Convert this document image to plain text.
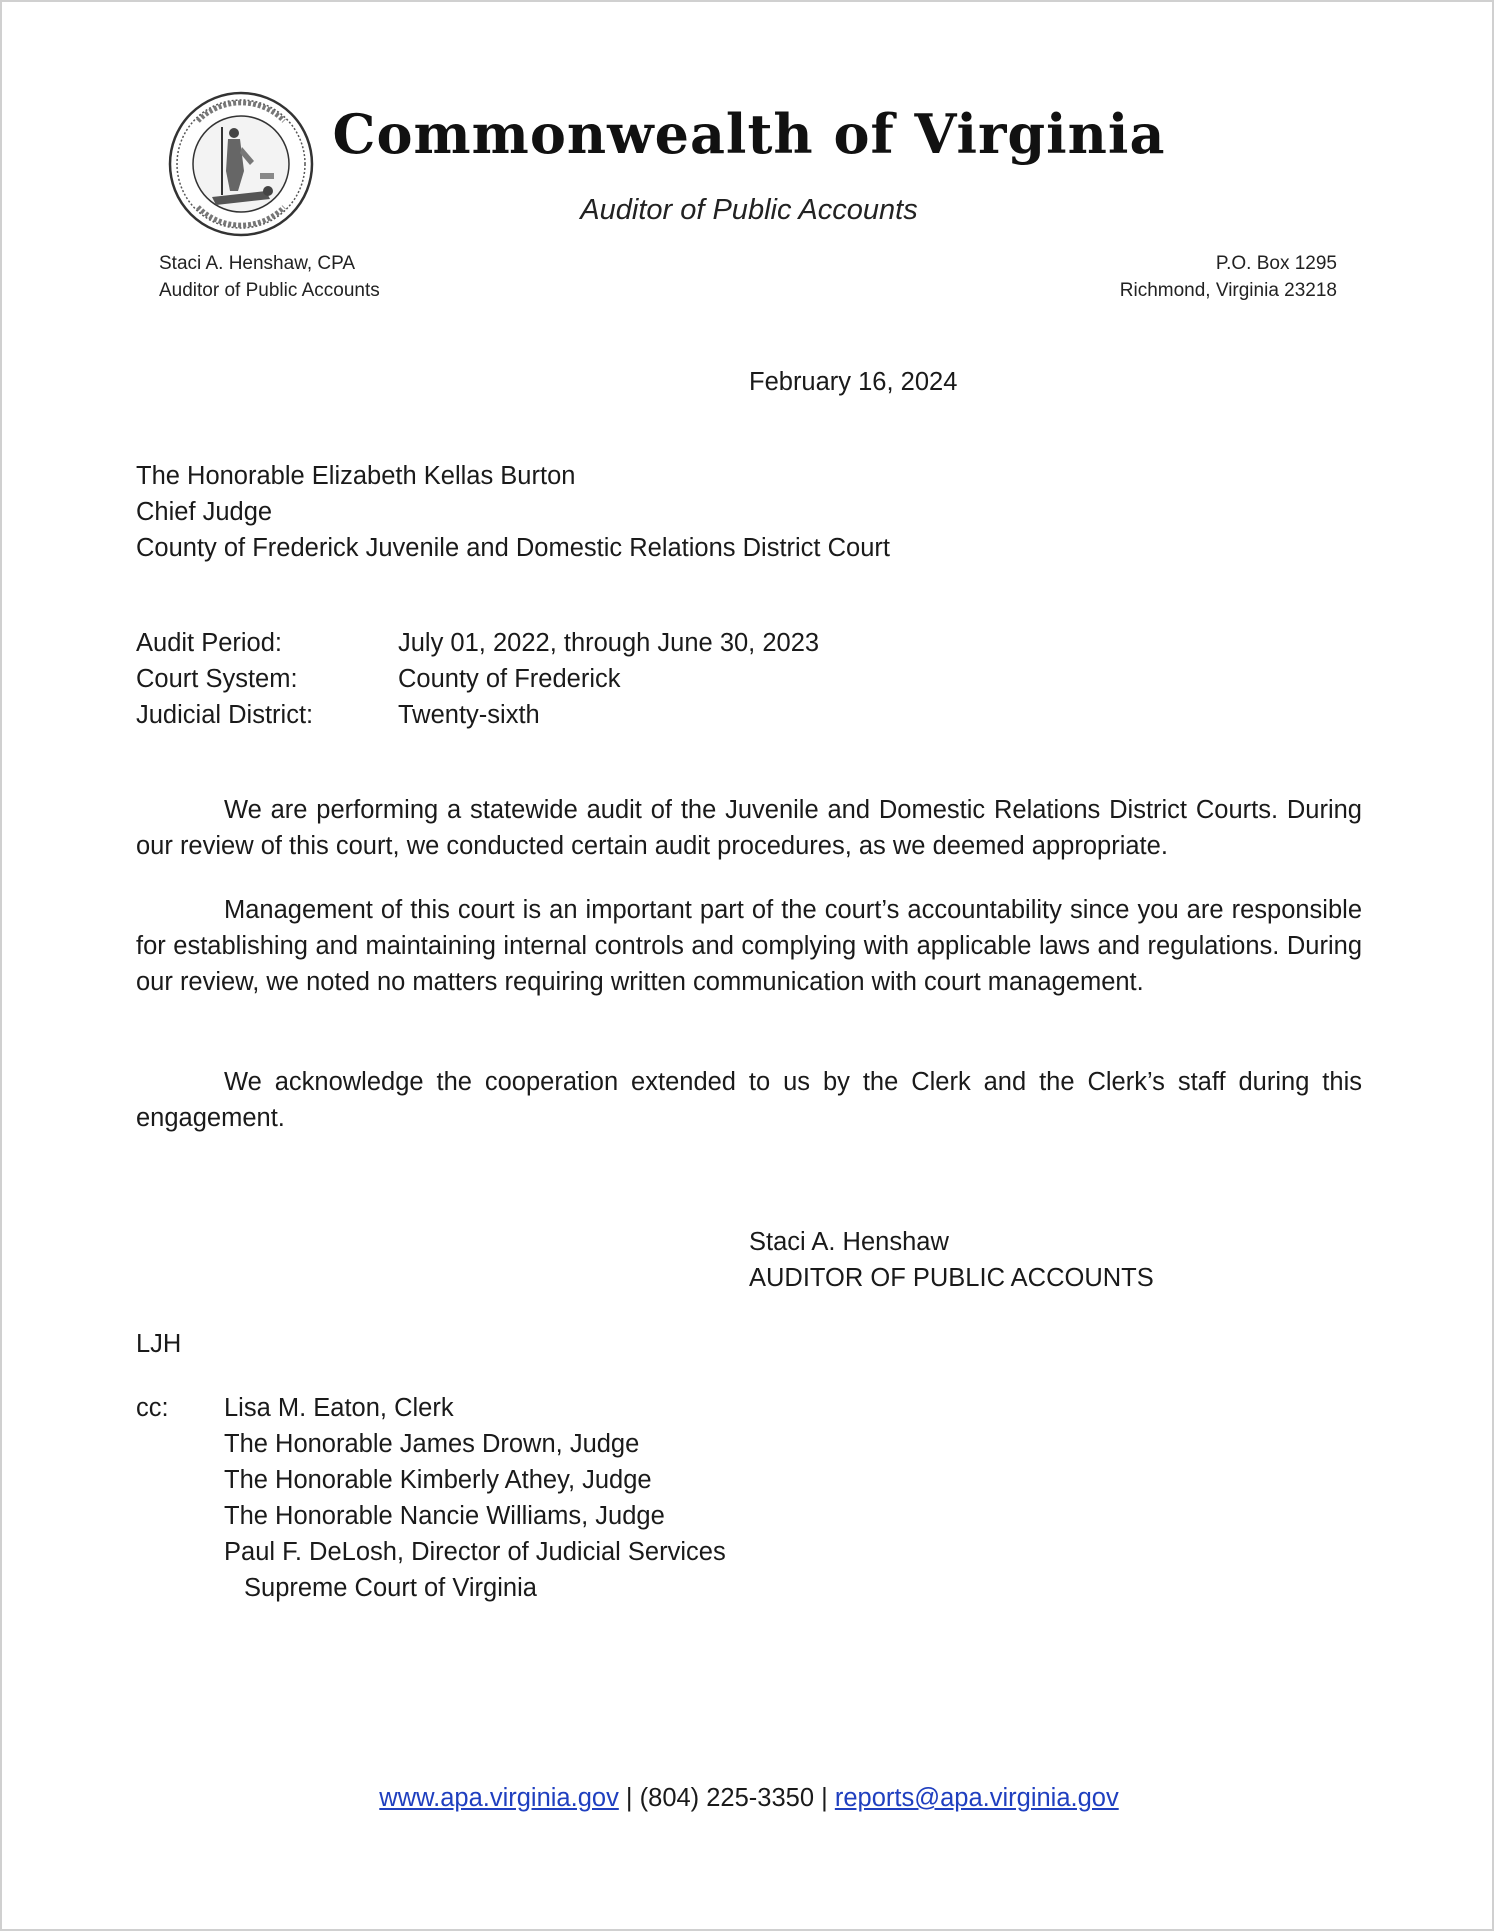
Commonwealth of Virginia
Auditor of Public Accounts
Staci A. Henshaw, CPA
Auditor of Public Accounts
P.O. Box 1295
Richmond, Virginia 23218
February 16, 2024
The Honorable Elizabeth Kellas Burton
Chief Judge
County of Frederick Juvenile and Domestic Relations District Court
Audit Period:	July 01, 2022, through June 30, 2023
Court System:	County of Frederick
Judicial District:	Twenty-sixth
We are performing a statewide audit of the Juvenile and Domestic Relations District Courts. During our review of this court, we conducted certain audit procedures, as we deemed appropriate.
Management of this court is an important part of the court’s accountability since you are responsible for establishing and maintaining internal controls and complying with applicable laws and regulations. During our review, we noted no matters requiring written communication with court management.
We acknowledge the cooperation extended to us by the Clerk and the Clerk’s staff during this engagement.
Staci A. Henshaw
AUDITOR OF PUBLIC ACCOUNTS
LJH
cc: Lisa M. Eaton, Clerk
The Honorable James Drown, Judge
The Honorable Kimberly Athey, Judge
The Honorable Nancie Williams, Judge
Paul F. DeLosh, Director of Judicial Services
Supreme Court of Virginia
www.apa.virginia.gov | (804) 225-3350 | reports@apa.virginia.gov
